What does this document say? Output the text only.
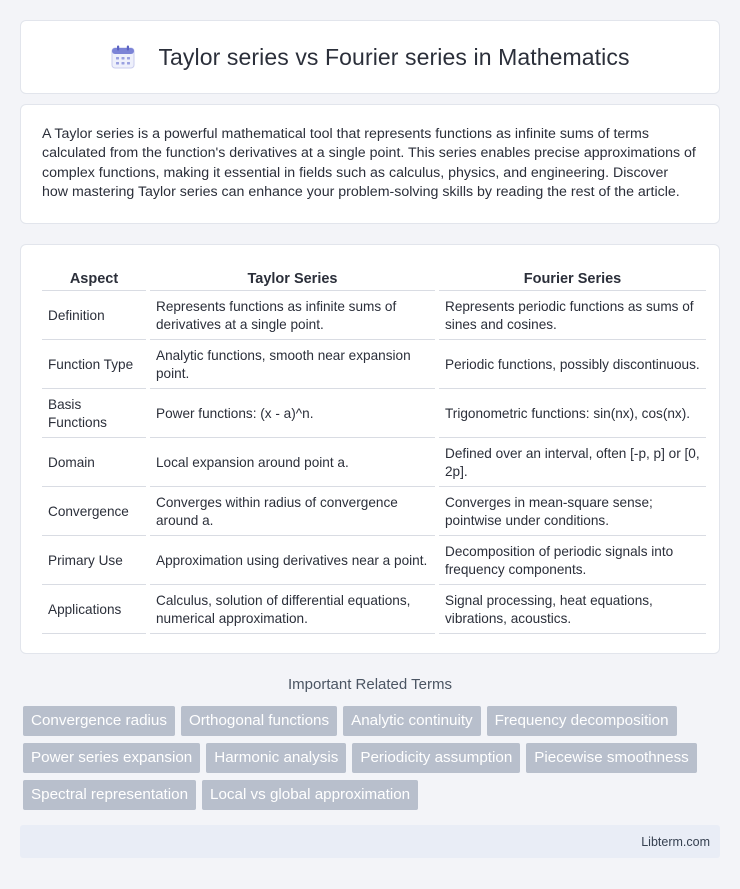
Taylor series vs Fourier series in Mathematics

A Taylor series is a powerful mathematical tool that represents functions as infinite sums of terms calculated from the function's derivatives at a single point. This series enables precise approximations of complex functions, making it essential in fields such as calculus, physics, and engineering. Discover how mastering Taylor series can enhance your problem-solving skills by reading the rest of the article.

Aspect	Taylor Series	Fourier Series
Definition	Represents functions as infinite sums of derivatives at a single point.	Represents periodic functions as sums of sines and cosines.
Function Type	Analytic functions, smooth near expansion point.	Periodic functions, possibly discontinuous.
Basis Functions	Power functions: (x - a)^n.	Trigonometric functions: sin(nx), cos(nx).
Domain	Local expansion around point a.	Defined over an interval, often [-p, p] or [0, 2p].
Convergence	Converges within radius of convergence around a.	Converges in mean-square sense; pointwise under conditions.
Primary Use	Approximation using derivatives near a point.	Decomposition of periodic signals into frequency components.
Applications	Calculus, solution of differential equations, numerical approximation.	Signal processing, heat equations, vibrations, acoustics.
Important Related Terms
Convergence radius	Orthogonal functions	Analytic continuity	Frequency decomposition
Power series expansion	Harmonic analysis	Periodicity assumption	Piecewise smoothness
Spectral representation	Local vs global approximation
Libterm.com
